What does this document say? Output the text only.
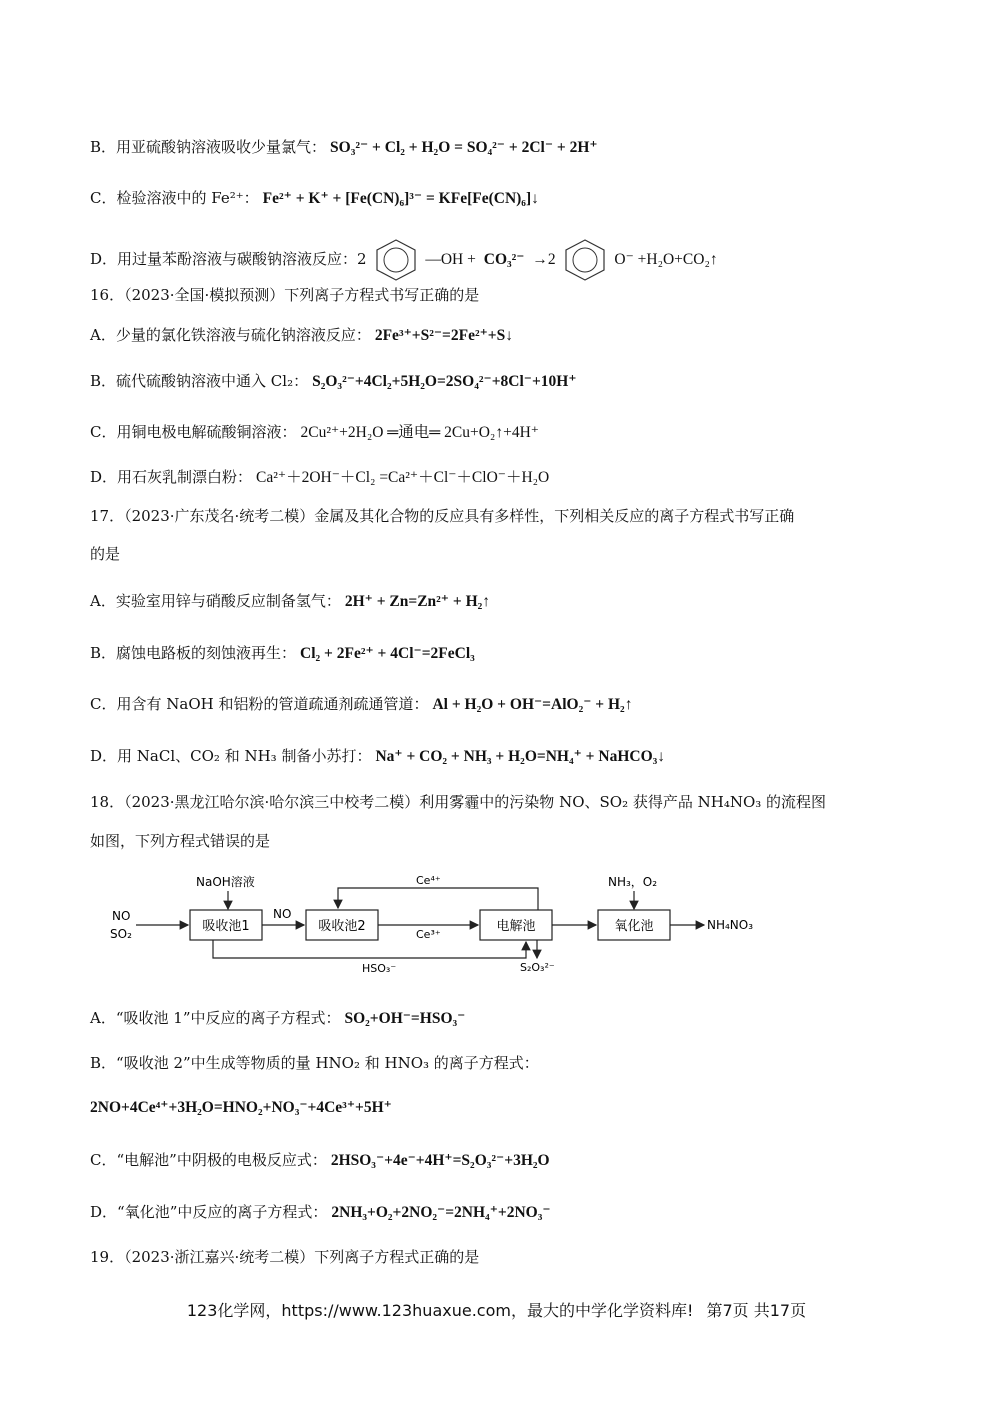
B．用亚硫酸钠溶液吸收少量氯气： SO₃²⁻ + Cl₂ + H₂O = SO₄²⁻ + 2Cl⁻ + 2H⁺
C．检验溶液中的 Fe²⁺： Fe²⁺ + K⁺ + [Fe(CN)₆]³⁻ = KFe[Fe(CN)₆]↓
D．用过量苯酚溶液与碳酸钠溶液反应：2	—OH + CO₃²⁻ →2	O⁻ +H₂O+CO₂↑
16．（2023·全国·模拟预测）下列离子方程式书写正确的是
A．少量的氯化铁溶液与硫化钠溶液反应： 2Fe³⁺+S²⁻=2Fe²⁺+S↓
B．硫代硫酸钠溶液中通入 Cl₂： S₂O₃²⁻+4Cl₂+5H₂O=2SO₄²⁻+8Cl⁻+10H⁺
C．用铜电极电解硫酸铜溶液： 2Cu²⁺+2H₂O ═通电═ 2Cu+O₂↑+4H⁺
D．用石灰乳制漂白粉： Ca²⁺＋2OH⁻＋Cl₂ =Ca²⁺＋Cl⁻＋ClO⁻＋H₂O
17．（2023·广东茂名·统考二模）金属及其化合物的反应具有多样性，下列相关反应的离子方程式书写正确
的是
A．实验室用锌与硝酸反应制备氢气： 2H⁺ + Zn=Zn²⁺ + H₂↑
B．腐蚀电路板的刻蚀液再生： Cl₂ + 2Fe²⁺ + 4Cl⁻=2FeCl₃
C．用含有 NaOH 和铝粉的管道疏通剂疏通管道： Al + H₂O + OH⁻=AlO₂⁻ + H₂↑
D．用 NaCl、CO₂ 和 NH₃ 制备小苏打： Na⁺ + CO₂ + NH₃ + H₂O=NH₄⁺ + NaHCO₃↓
18．（2023·黑龙江哈尔滨·哈尔滨三中校考二模）利用雾霾中的污染物 NO、SO₂ 获得产品 NH₄NO₃ 的流程图
如图，下列方程式错误的是
NO
SO₂
NaOH溶液
吸收池1
NO
吸收池2
Ce³⁺
Ce⁴⁺
电解池
HSO₃⁻	S₂O₃²⁻
NH₃，O₂
氧化池	NH₄NO₃
A．“吸收池 1”中反应的离子方程式： SO₂+OH⁻=HSO₃⁻
B．“吸收池 2”中生成等物质的量 HNO₂ 和 HNO₃ 的离子方程式：
2NO+4Ce⁴⁺+3H₂O=HNO₂+NO₃⁻+4Ce³⁺+5H⁺
C．“电解池”中阴极的电极反应式： 2HSO₃⁻+4e⁻+4H⁺=S₂O₃²⁻+3H₂O
D．“氧化池”中反应的离子方程式： 2NH₃+O₂+2NO₂⁻=2NH₄⁺+2NO₃⁻
19．（2023·浙江嘉兴·统考二模）下列离子方程式正确的是
123化学网，https://www.123huaxue.com，最大的中学化学资料库! 第7页 共17页
